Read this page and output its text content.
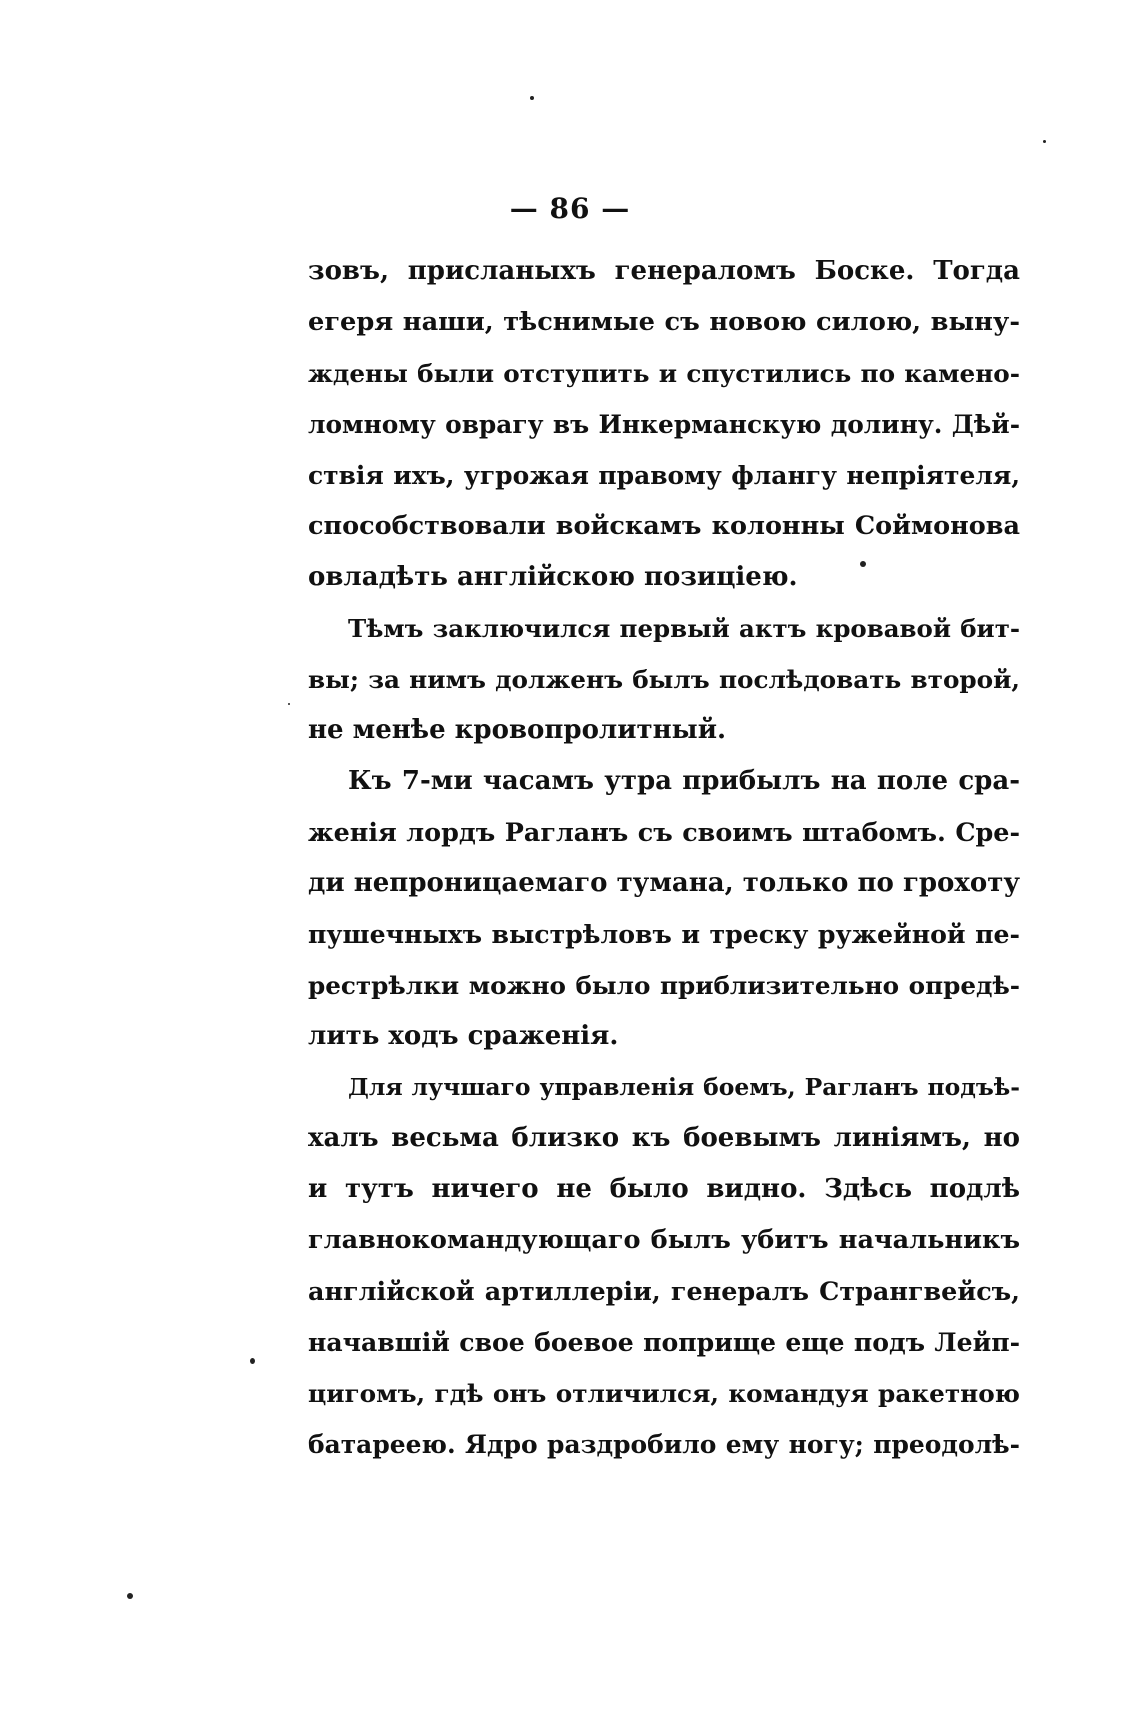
— 86 —
зовъ, присланыхъ генераломъ Боске. Тогда
егеря наши, тѣснимые съ новою силою, выну-
ждены были отступить и спустились по камено-
ломному оврагу въ Инкерманскую долину. Дѣй-
ствія ихъ, угрожая правому флангу непріятеля,
способствовали войскамъ колонны Соймонова
овладѣть англійскою позиціею.
Тѣмъ заключился первый актъ кровавой бит-
вы; за нимъ долженъ былъ послѣдовать второй,
не менѣе кровопролитный.
Къ 7-ми часамъ утра прибылъ на поле сра-
женія лордъ Рагланъ съ своимъ штабомъ. Сре-
ди непроницаемаго тумана, только по грохоту
пушечныхъ выстрѣловъ и треску ружейной пе-
рестрѣлки можно было приблизительно опредѣ-
лить ходъ сраженія.
Для лучшаго управленія боемъ, Рагланъ подъѣ-
халъ весьма близко къ боевымъ линіямъ, но
и тутъ ничего не было видно. Здѣсь подлѣ
главнокомандующаго былъ убитъ начальникъ
англійской артиллеріи, генералъ Странгвейсъ,
начавшій свое боевое поприще еще подъ Лейп-
цигомъ, гдѣ онъ отличился, командуя ракетною
батареею. Ядро раздробило ему ногу; преодолѣ-
